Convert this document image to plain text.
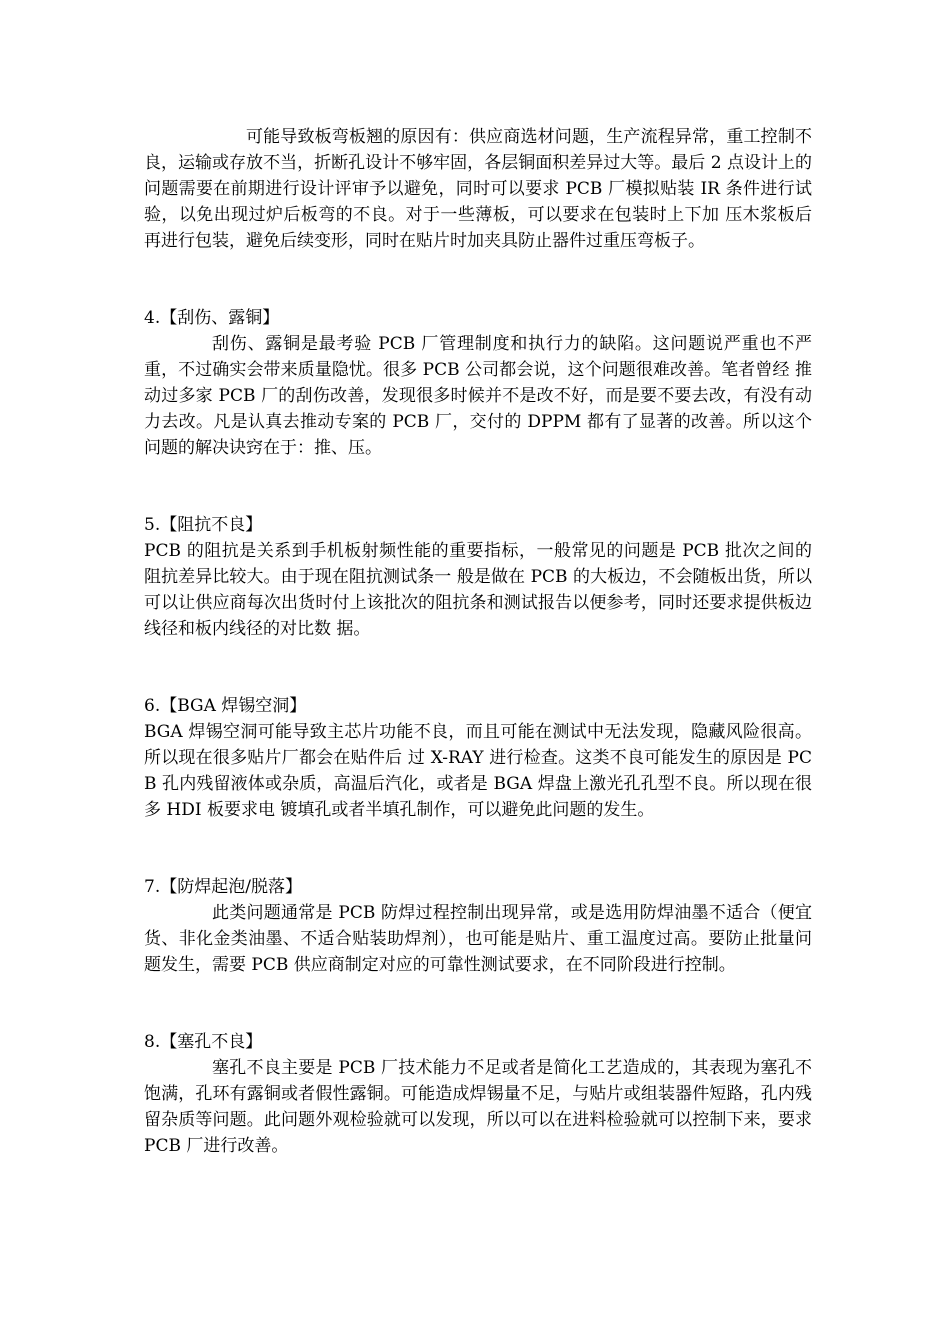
可能导致板弯板翘的原因有：供应商选材问题，生产流程异常，重工控制不良，运输或存放不当，折断孔设计不够牢固，各层铜面积差异过大等。最后 2 点设计上的 问题需要在前期进行设计评审予以避免，同时可以要求 PCB 厂模拟贴装 IR 条件进行试验，以免出现过炉后板弯的不良。对于一些薄板，可以要求在包装时上下加 压木浆板后再进行包装，避免后续变形，同时在贴片时加夹具防止器件过重压弯板子。

4.【刮伤、露铜】

刮伤、露铜是最考验 PCB 厂管理制度和执行力的缺陷。这问题说严重也不严重，不过确实会带来质量隐忧。很多 PCB 公司都会说，这个问题很难改善。笔者曾经 推动过多家 PCB 厂的刮伤改善，发现很多时候并不是改不好，而是要不要去改，有没有动力去改。凡是认真去推动专案的 PCB 厂，交付的 DPPM 都有了显著的改善。所以这个问题的解决诀窍在于：推、压。

5.【阻抗不良】

PCB 的阻抗是关系到手机板射频性能的重要指标，一般常见的问题是 PCB 批次之间的阻抗差异比较大。由于现在阻抗测试条一 般是做在 PCB 的大板边，不会随板出货，所以可以让供应商每次出货时付上该批次的阻抗条和测试报告以便参考，同时还要求提供板边线径和板内线径的对比数 据。

6.【BGA 焊锡空洞】

BGA 焊锡空洞可能导致主芯片功能不良，而且可能在测试中无法发现，隐藏风险很高。所以现在很多贴片厂都会在贴件后 过 X-RAY 进行检查。这类不良可能发生的原因是 PCB 孔内残留液体或杂质，高温后汽化，或者是 BGA 焊盘上激光孔孔型不良。所以现在很多 HDI 板要求电 镀填孔或者半填孔制作，可以避免此问题的发生。

7.【防焊起泡/脱落】

此类问题通常是 PCB 防焊过程控制出现异常，或是选用防焊油墨不适合（便宜货、非化金类油墨、不适合贴装助焊剂），也可能是贴片、重工温度过高。要防止批量问题发生，需要 PCB 供应商制定对应的可靠性测试要求，在不同阶段进行控制。

8.【塞孔不良】

塞孔不良主要是 PCB 厂技术能力不足或者是简化工艺造成的，其表现为塞孔不饱满，孔环有露铜或者假性露铜。可能造成焊锡量不足，与贴片或组装器件短路，孔内残留杂质等问题。此问题外观检验就可以发现，所以可以在进料检验就可以控制下来，要求 PCB 厂进行改善。
